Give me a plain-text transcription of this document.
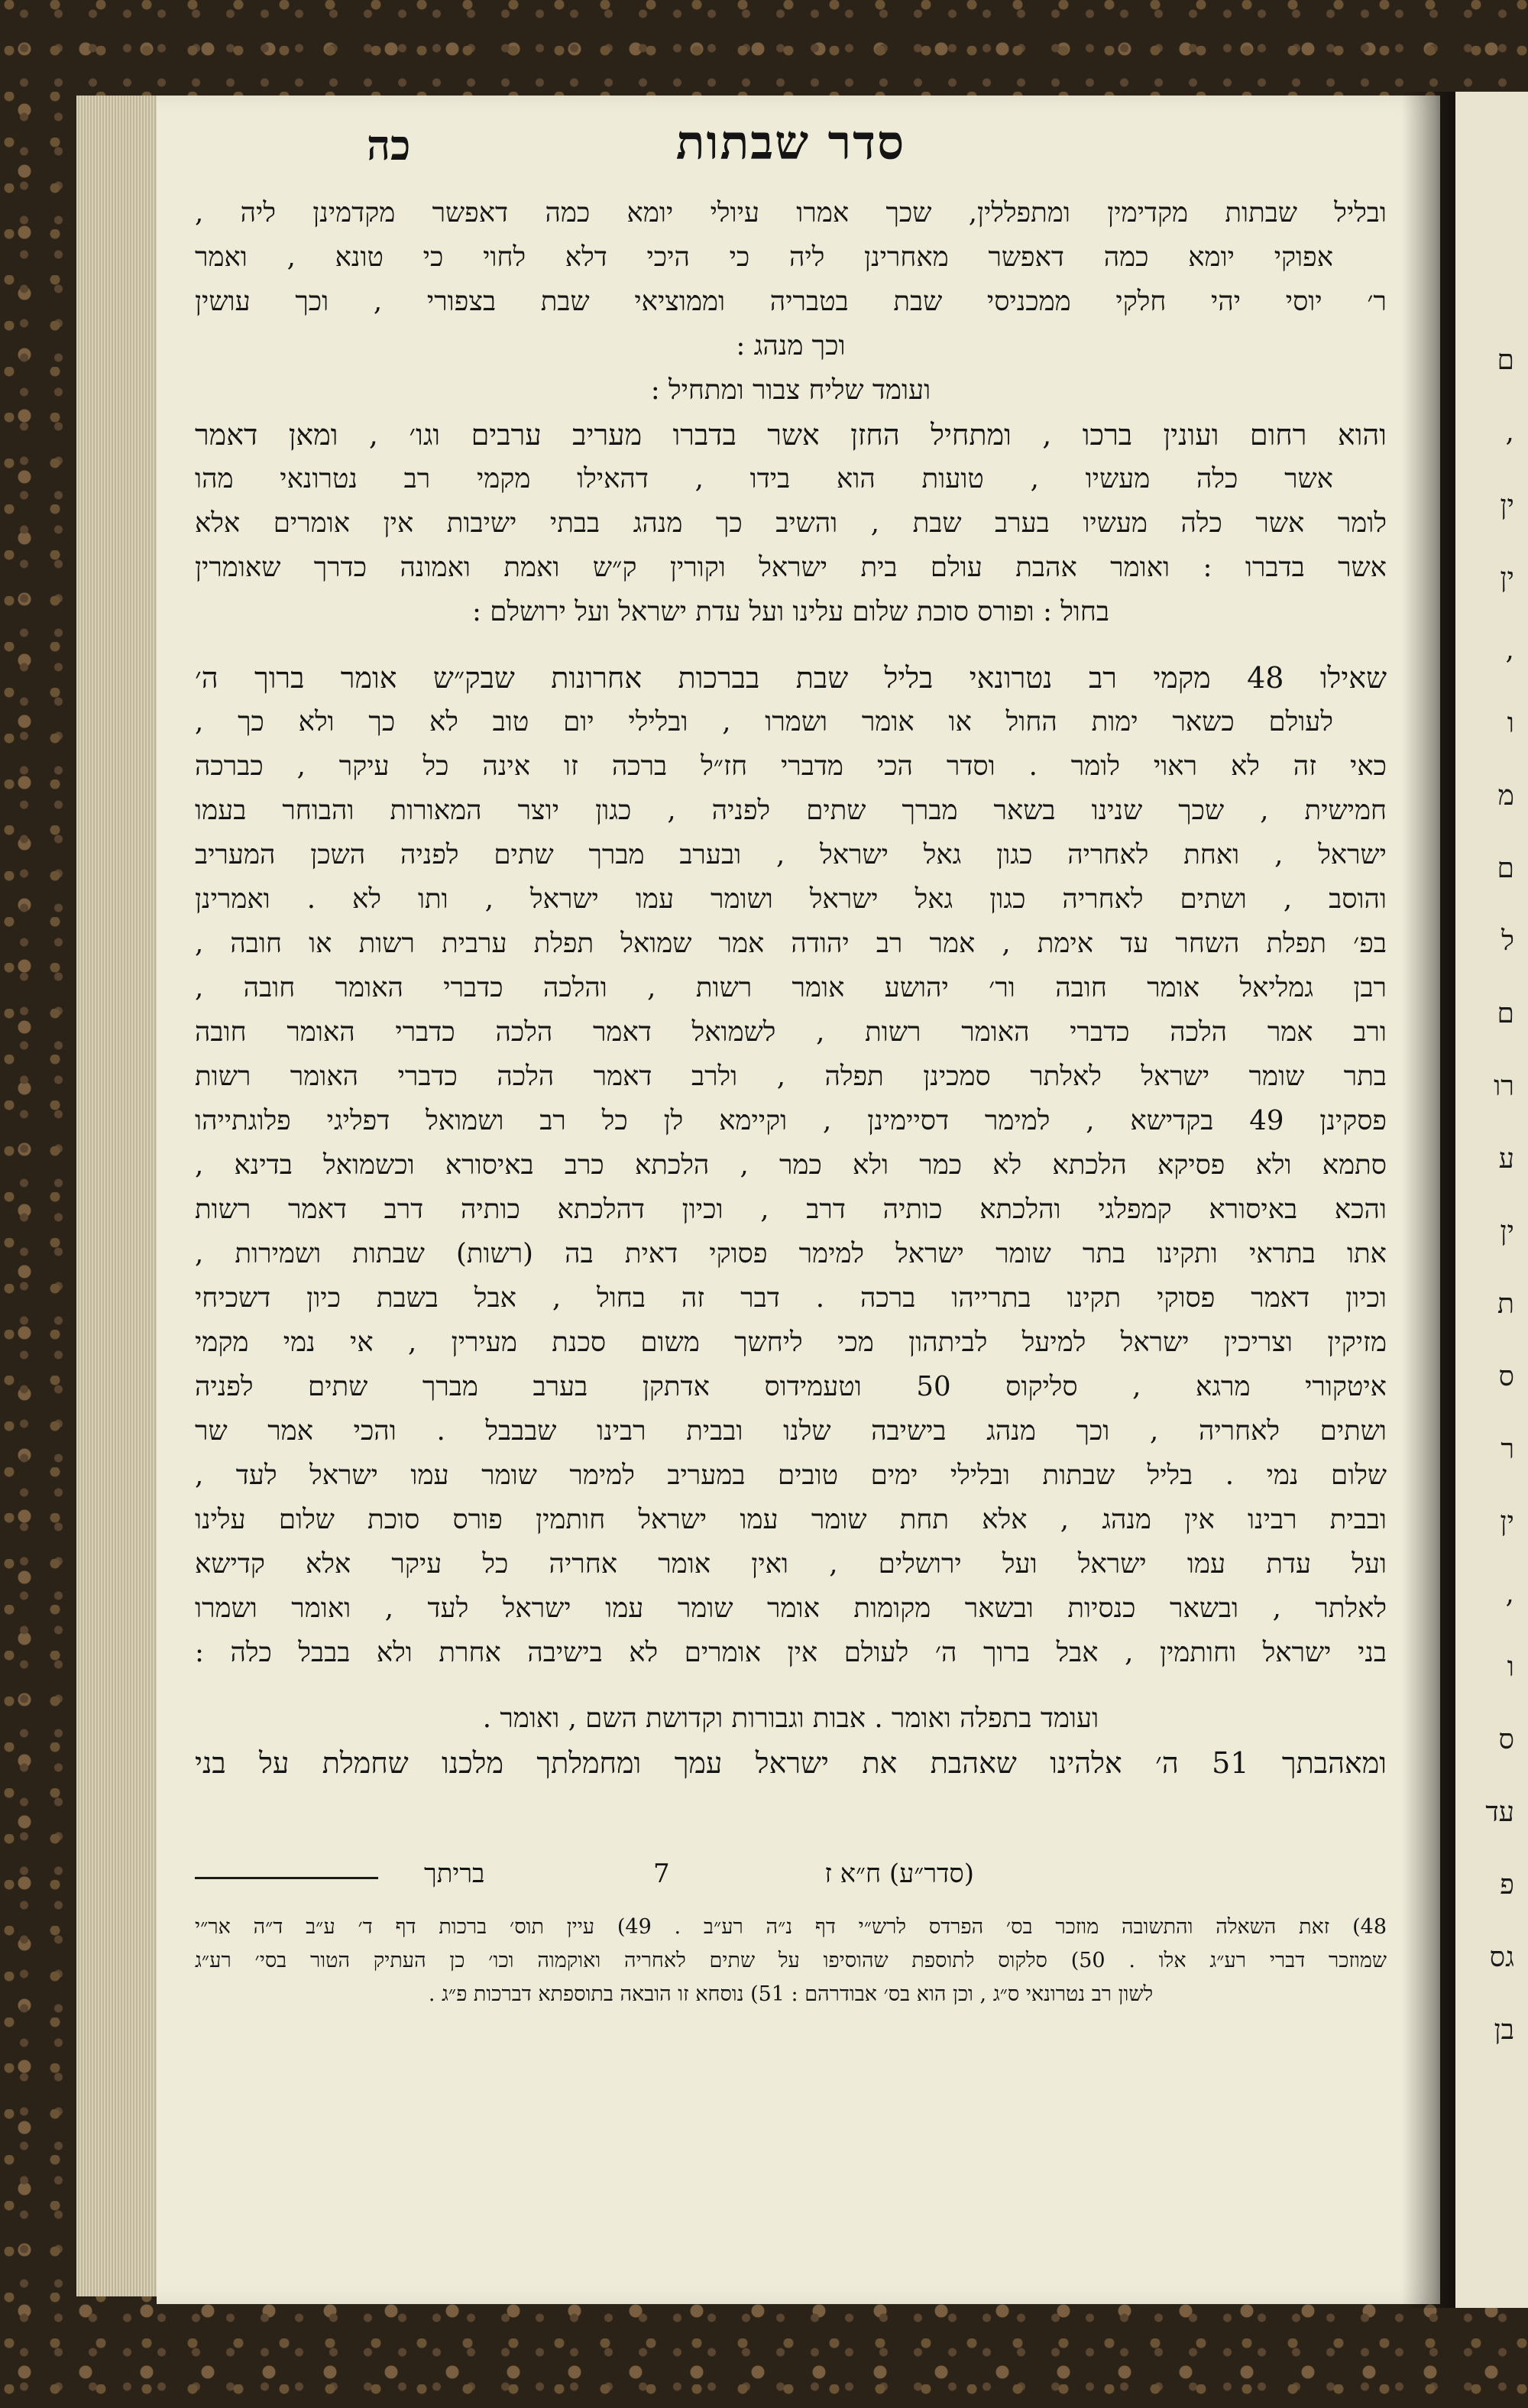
ם
,
ין
ין
,
ו
מ
ם
ל
ם
רו
ע
ין
ת
ס
ר
ין
,
ו
ס
עד
פ
גס
בן
סדר שבתות
כה
ובליל שבתות מקדימין ומתפללין, שכך אמרו עיולי יומא כמה דאפשר מקדמינן ליה ,
אפוקי יומא כמה דאפשר מאחרינן ליה כי היכי דלא לחוי כי טונא , ואמר
ר׳ יוסי יהי חלקי ממכניסי שבת בטבריה וממוציאי שבת בצפורי , וכך עושין
וכך מנהג :
ועומד שליח צבור ומתחיל :
והוא רחום ועונין ברכו , ומתחיל החזן אשר בדברו מעריב ערבים וגו׳ , ומאן דאמר
אשר כלה מעשיו , טועות הוא בידו , דהאילו מקמי רב נטרונאי מהו
לומר אשר כלה מעשיו בערב שבת , והשיב כך מנהג בבתי ישיבות אין אומרים אלא
אשר בדברו : ואומר אהבת עולם בית ישראל וקורין ק״ש ואמת ואמונה כדרך שאומרין
בחול : ופורס סוכת שלום עלינו ועל עדת ישראל ועל ירושלם :
שאילו 48 מקמי רב נטרונאי בליל שבת בברכות אחרונות שבק״ש אומר ברוך ה׳
לעולם כשאר ימות החול או אומר ושמרו , ובלילי יום טוב לא כך ולא כך ,
כאי זה לא ראוי לומר . וסדר הכי מדברי חז״ל ברכה זו אינה כל עיקר , כברכה
חמישית , שכך שנינו בשאר מברך שתים לפניה , כגון יוצר המאורות והבוחר בעמו
ישראל , ואחת לאחריה כגון גאל ישראל , ובערב מברך שתים לפניה השכן המעריב
והוסב , ושתים לאחריה כגון גאל ישראל ושומר עמו ישראל , ותו לא . ואמרינן
בפ׳ תפלת השחר עד אימת , אמר רב יהודה אמר שמואל תפלת ערבית רשות או חובה ,
רבן גמליאל אומר חובה ור׳ יהושע אומר רשות , והלכה כדברי האומר חובה ,
ורב אמר הלכה כדברי האומר רשות , לשמואל דאמר הלכה כדברי האומר חובה
בתר שומר ישראל לאלתר סמכינן תפלה , ולרב דאמר הלכה כדברי האומר רשות
פסקינן 49 בקדישא , למימר דסיימינן , וקיימא לן כל רב ושמואל דפליגי פלוגתייהו
סתמא ולא פסיקא הלכתא לא כמר ולא כמר , הלכתא כרב באיסורא וכשמואל בדינא ,
והכא באיסורא קמפלגי והלכתא כותיה דרב , וכיון דהלכתא כותיה דרב דאמר רשות
אתו בתראי ותקינו בתר שומר ישראל למימר פסוקי דאית בה (רשות) שבתות ושמירות ,
וכיון דאמר פסוקי תקינו בתרייהו ברכה . דבר זה בחול , אבל בשבת כיון דשכיחי
מזיקין וצריכין ישראל למיעל לביתהון מכי ליחשך משום סכנת מעירין , אי נמי מקמי
איטקורי מרגא , סליקוס 50 וטעמידוס אדתקן בערב מברך שתים לפניה
ושתים לאחריה , וכך מנהג בישיבה שלנו ובבית רבינו שבבבל . והכי אמר שר
שלום נמי . בליל שבתות ובלילי ימים טובים במעריב למימר שומר עמו ישראל לעד ,
ובבית רבינו אין מנהג , אלא תחת שומר עמו ישראל חותמין פורס סוכת שלום עלינו
ועל עדת עמו ישראל ועל ירושלים , ואין אומר אחריה כל עיקר אלא קדישא
לאלתר , ובשאר כנסיות ובשאר מקומות אומר שומר עמו ישראל לעד , ואומר ושמרו
בני ישראל וחותמין , אבל ברוך ה׳ לעולם אין אומרים לא בישיבה אחרת ולא בבבל כלה :
ועומד בתפלה ואומר . אבות וגבורות וקדושת השם , ואומר .
ומאהבתך 51 ה׳ אלהינו שאהבת את ישראל עמך ומחמלתך מלכנו שחמלת על בני
בריתך	7	(סדר״ע) ח״א ז
48) זאת השאלה והתשובה מוזכר בס׳ הפרדס לרש״י דף נ״ה רע״ב . 49) עיין תוס׳ ברכות דף ד׳ ע״ב ד״ה אר״י
שמוזכר דברי רע״ג אלו . 50) סלקוס לתוספת שהוסיפו על שתים לאחריה ואוקמוה וכו׳ כן העתיק הטור בסי׳ רע״ג
לשון רב נטרונאי ס״ג , וכן הוא בס׳ אבודרהם : 51) נוסחא זו הובאה בתוספתא דברכות פ״ג .
